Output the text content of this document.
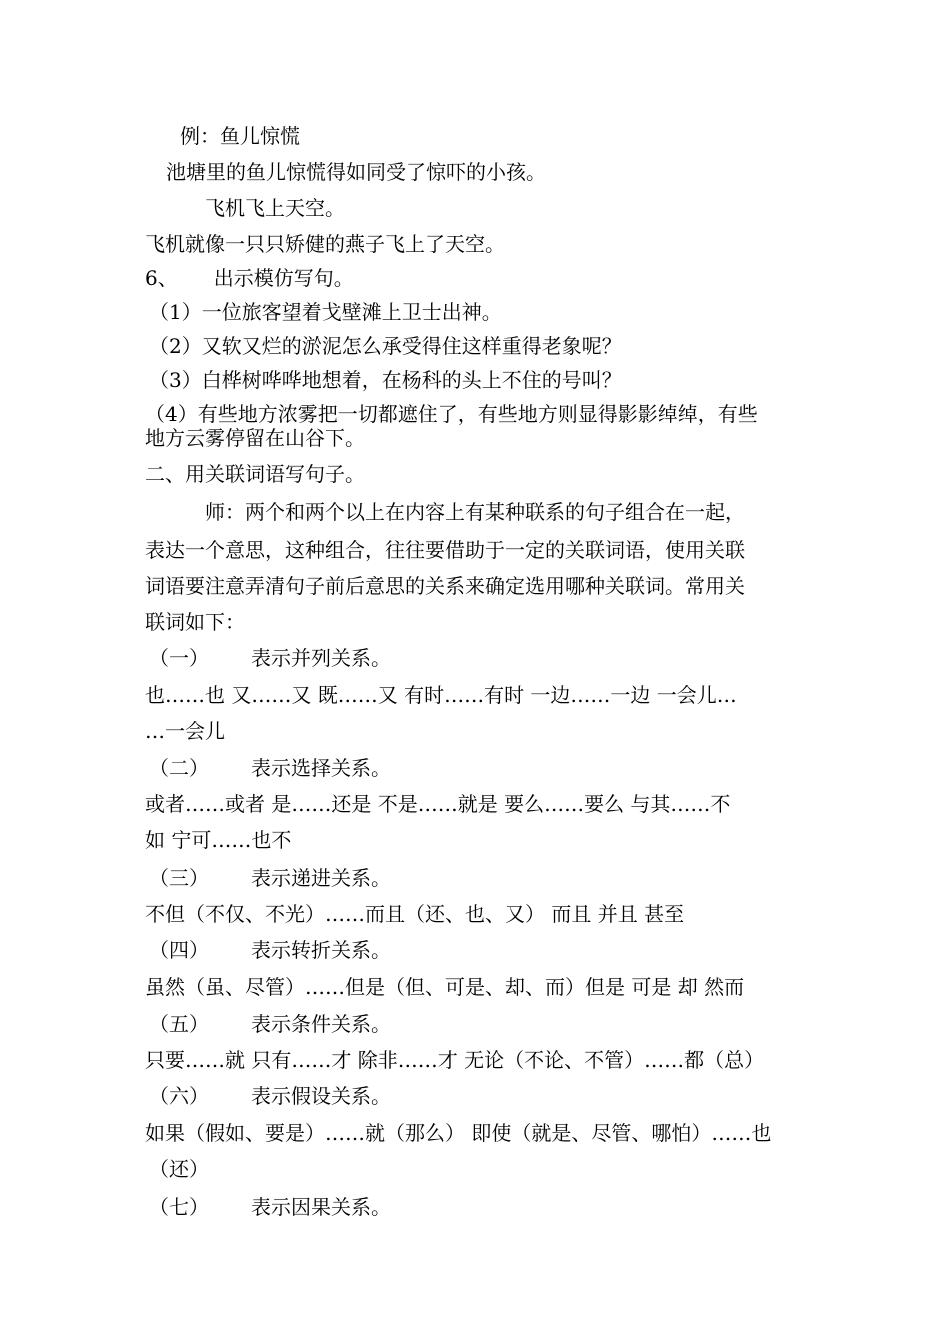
例：鱼儿惊慌
池塘里的鱼儿惊慌得如同受了惊吓的小孩。
飞机飞上天空。
飞机就像一只只矫健的燕子飞上了天空。
6、 出示模仿写句。
（1）一位旅客望着戈壁滩上卫士出神。
（2）又软又烂的淤泥怎么承受得住这样重得老象呢？
（3）白桦树哗哗地想着，在杨科的头上不住的号叫？
（4）有些地方浓雾把一切都遮住了，有些地方则显得影影绰绰，有些
地方云雾停留在山谷下。
二、用关联词语写句子。
师：两个和两个以上在内容上有某种联系的句子组合在一起，
表达一个意思，这种组合，往往要借助于一定的关联词语，使用关联
词语要注意弄清句子前后意思的关系来确定选用哪种关联词。常用关
联词如下：
（一） 表示并列关系。
也……也 又……又 既……又 有时……有时 一边……一边 一会儿…
…一会儿
（二） 表示选择关系。
或者……或者 是……还是 不是……就是 要么……要么 与其……不
如 宁可……也不
（三） 表示递进关系。
不但（不仅、不光）……而且（还、也、又） 而且 并且 甚至
（四） 表示转折关系。
虽然（虽、尽管）……但是（但、可是、却、而）但是 可是 却 然而
（五） 表示条件关系。
只要……就 只有……才 除非……才 无论（不论、不管）……都（总）
（六） 表示假设关系。
如果（假如、要是）……就（那么） 即使（就是、尽管、哪怕）……也
（还）
（七） 表示因果关系。
